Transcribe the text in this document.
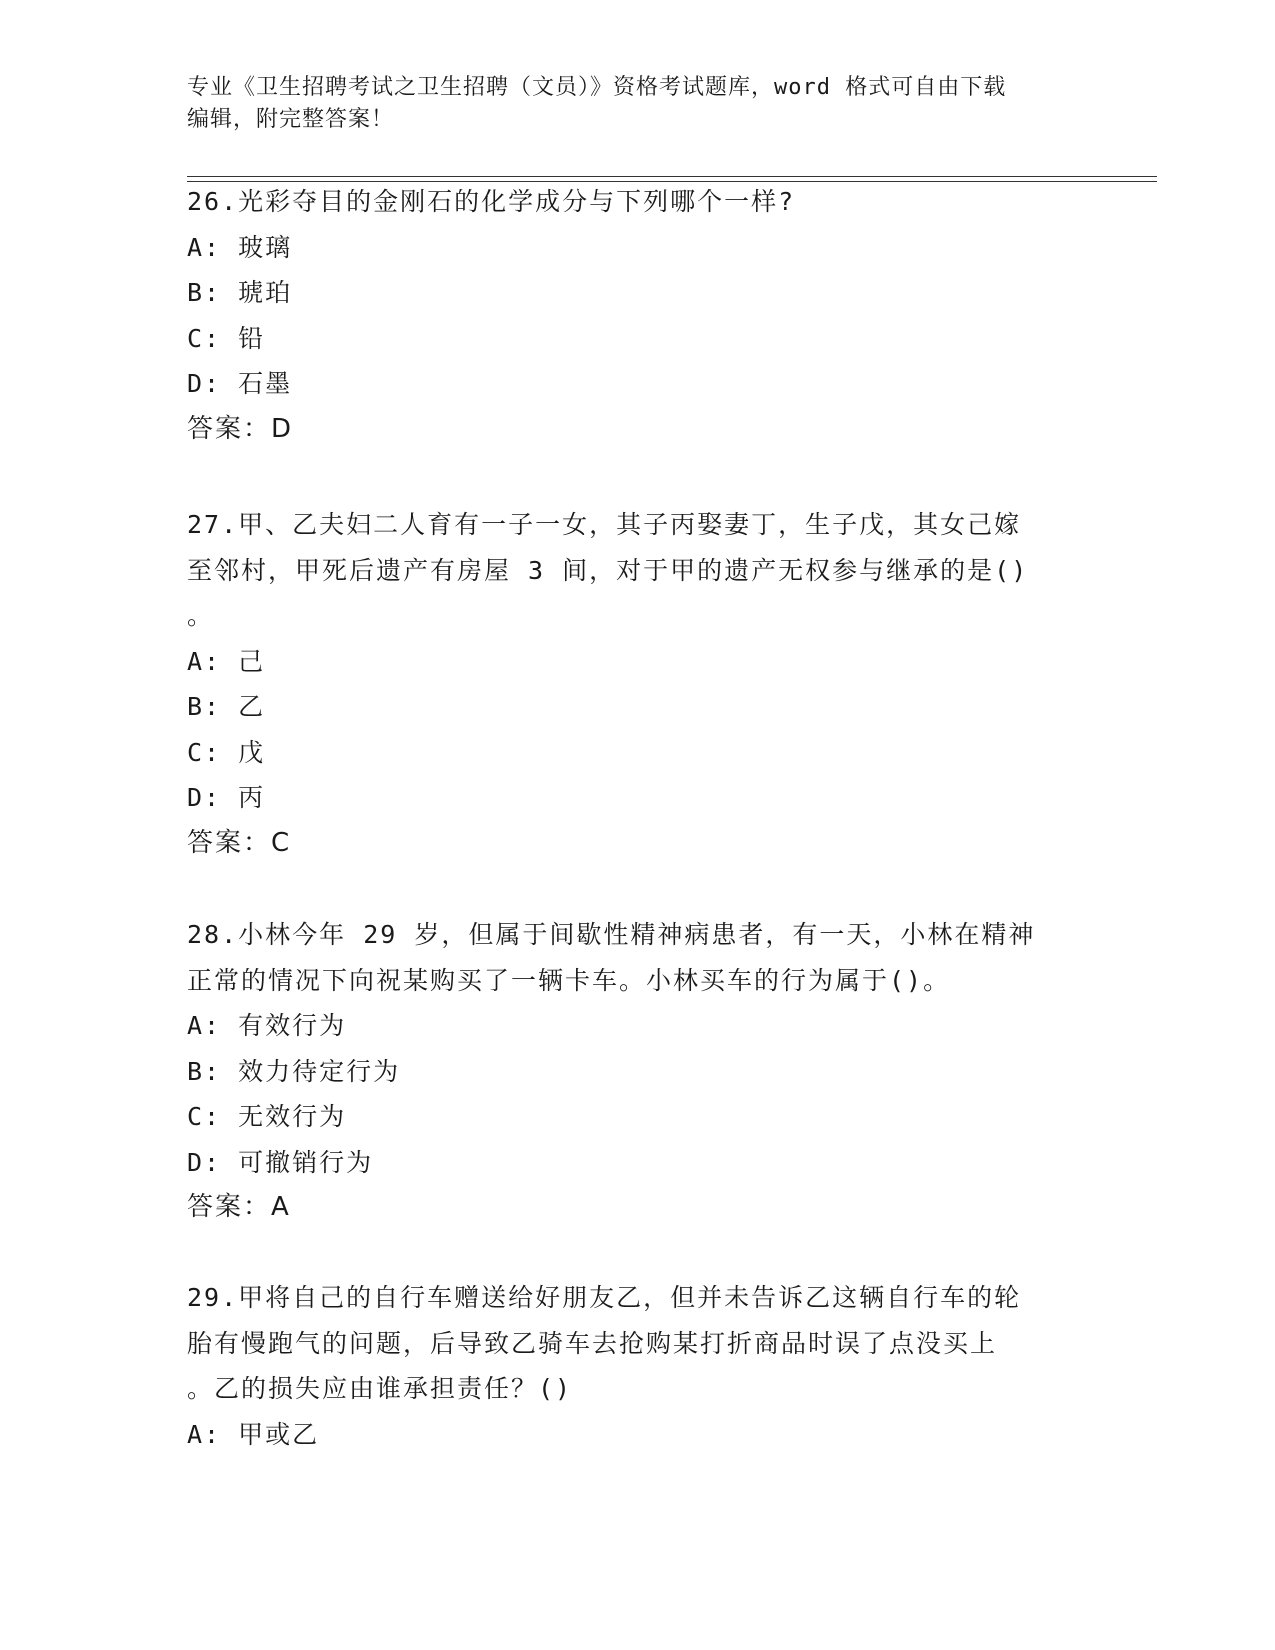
专业《卫生招聘考试之卫生招聘（文员）》资格考试题库，word 格式可自由下载
编辑，附完整答案！
26.光彩夺目的金刚石的化学成分与下列哪个一样?
A: 玻璃
B: 琥珀
C: 铅
D: 石墨
答案：D
27.甲、乙夫妇二人育有一子一女，其子丙娶妻丁，生子戊，其女己嫁
至邻村，甲死后遗产有房屋 3 间，对于甲的遗产无权参与继承的是()
。
A: 己
B: 乙
C: 戊
D: 丙
答案：C
28.小林今年 29 岁，但属于间歇性精神病患者，有一天，小林在精神
正常的情况下向祝某购买了一辆卡车。小林买车的行为属于()。
A: 有效行为
B: 效力待定行为
C: 无效行为
D: 可撤销行为
答案：A
29.甲将自己的自行车赠送给好朋友乙，但并未告诉乙这辆自行车的轮
胎有慢跑气的问题，后导致乙骑车去抢购某打折商品时误了点没买上
。乙的损失应由谁承担责任？()
A: 甲或乙
